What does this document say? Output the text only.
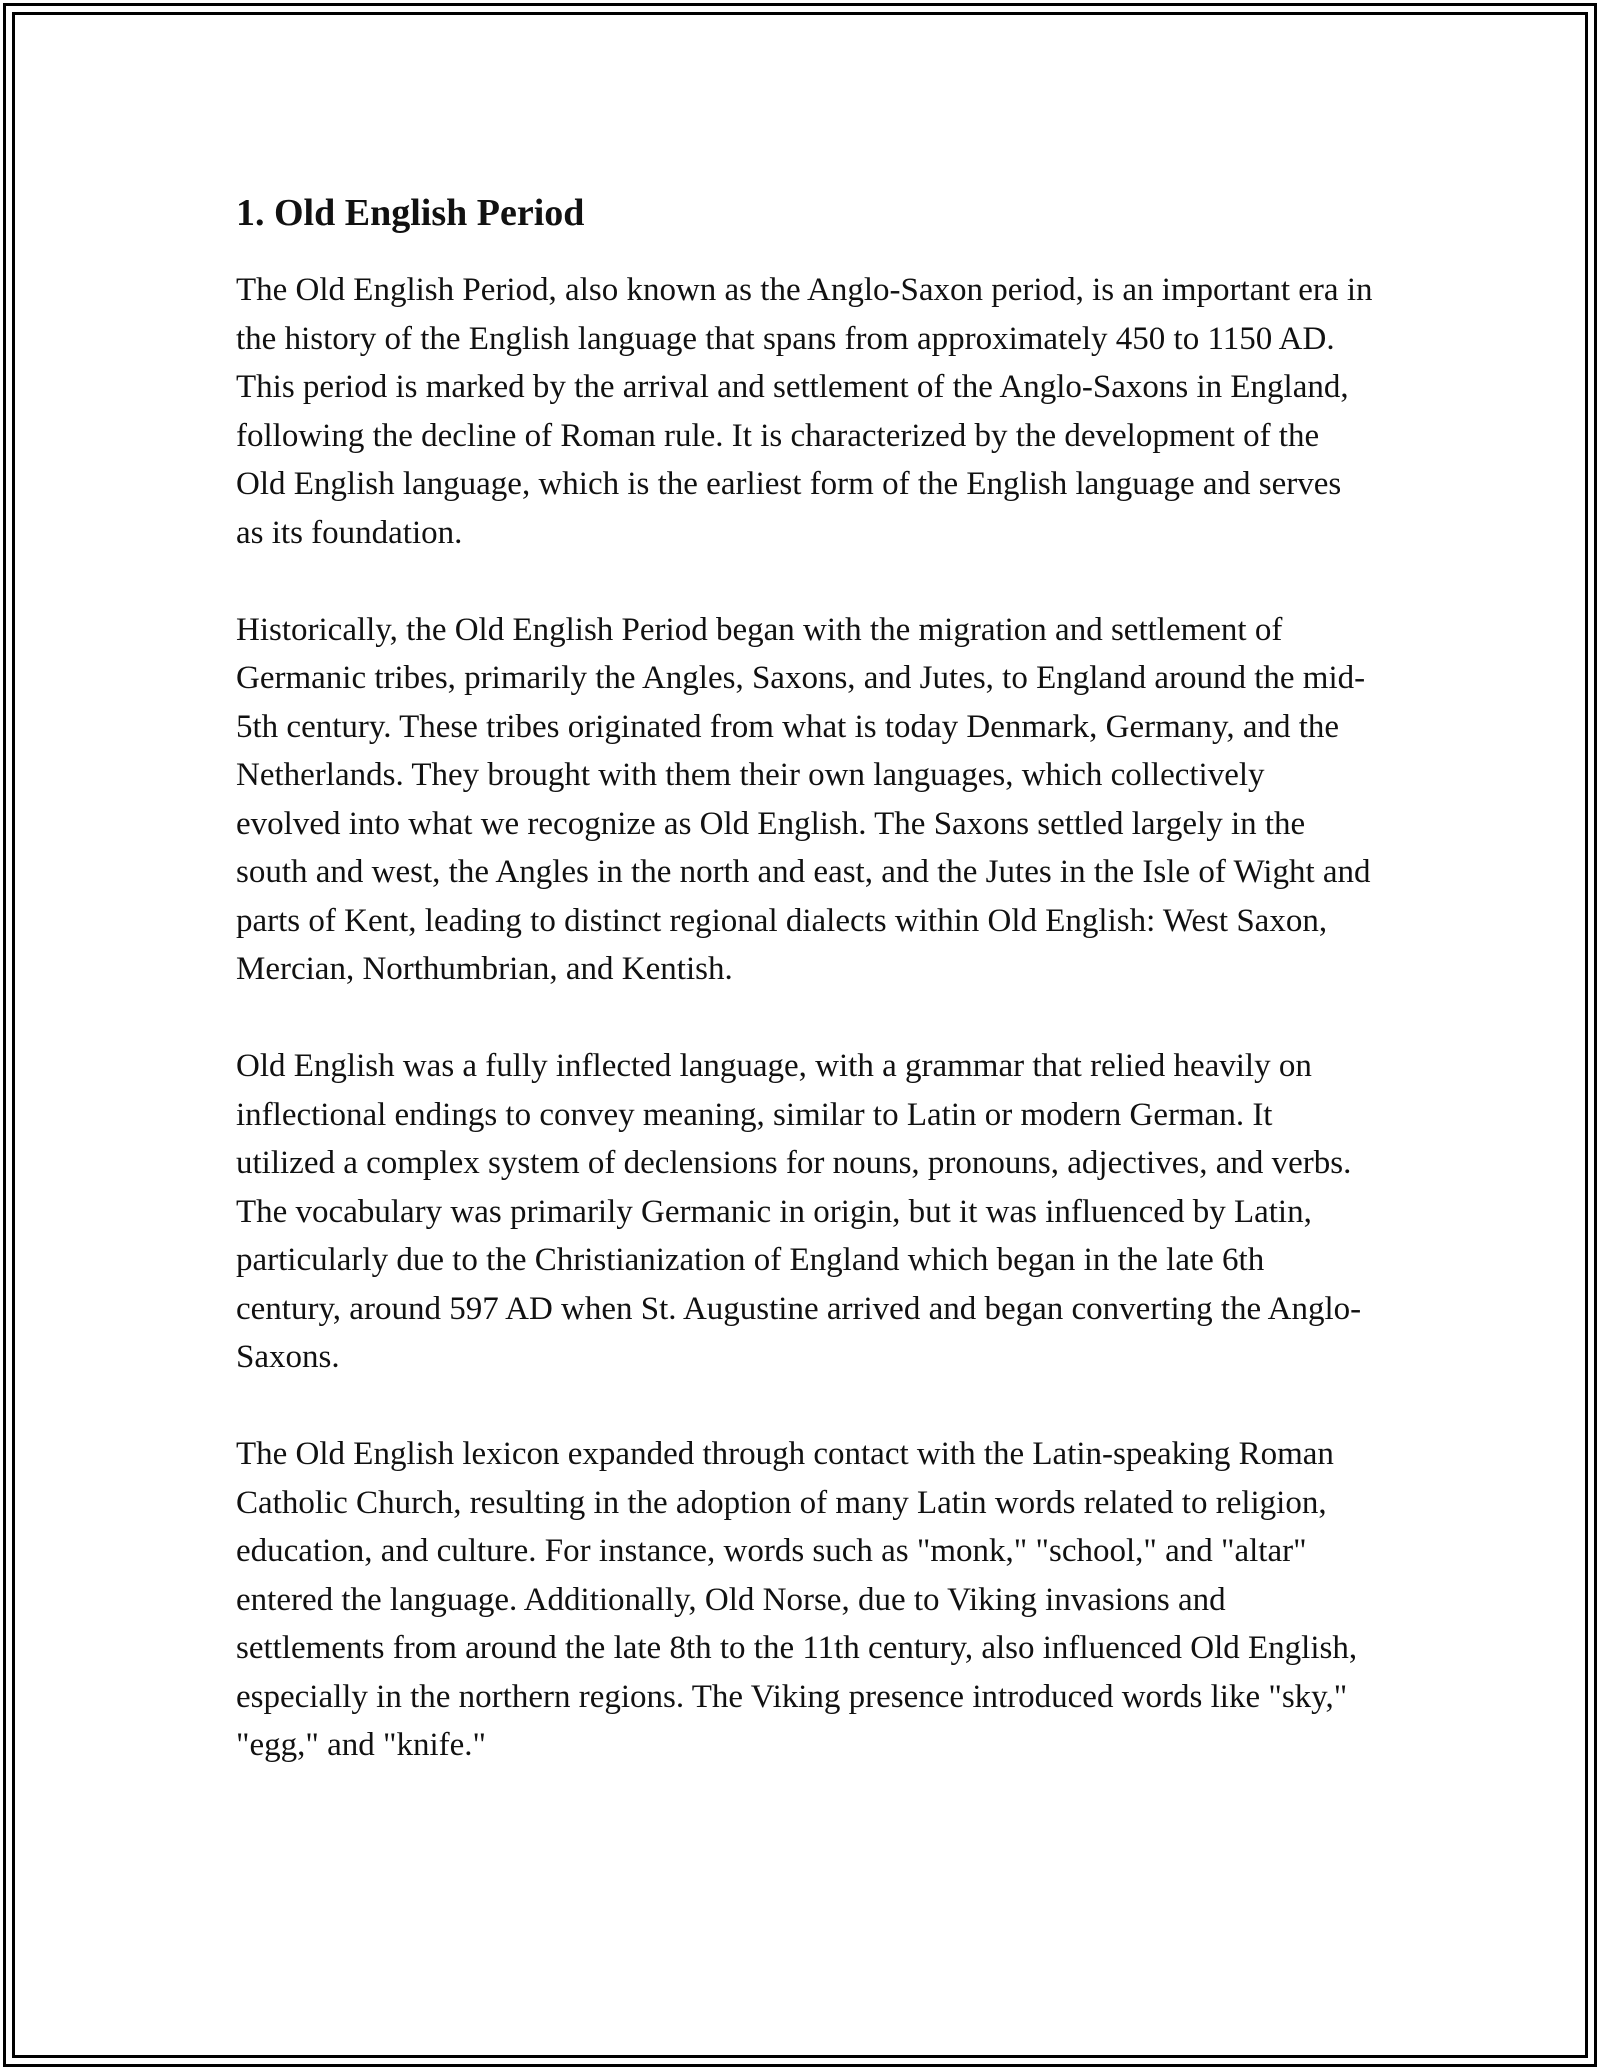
1. Old English Period

The Old English Period, also known as the Anglo-Saxon period, is an important era in the history of the English language that spans from approximately 450 to 1150 AD. This period is marked by the arrival and settlement of the Anglo-Saxons in England, following the decline of Roman rule. It is characterized by the development of the Old English language, which is the earliest form of the English language and serves as its foundation.

Historically, the Old English Period began with the migration and settlement of Germanic tribes, primarily the Angles, Saxons, and Jutes, to England around the mid-5th century. These tribes originated from what is today Denmark, Germany, and the Netherlands. They brought with them their own languages, which collectively evolved into what we recognize as Old English. The Saxons settled largely in the south and west, the Angles in the north and east, and the Jutes in the Isle of Wight and parts of Kent, leading to distinct regional dialects within Old English: West Saxon, Mercian, Northumbrian, and Kentish.

Old English was a fully inflected language, with a grammar that relied heavily on inflectional endings to convey meaning, similar to Latin or modern German. It utilized a complex system of declensions for nouns, pronouns, adjectives, and verbs. The vocabulary was primarily Germanic in origin, but it was influenced by Latin, particularly due to the Christianization of England which began in the late 6th century, around 597 AD when St. Augustine arrived and began converting the Anglo-Saxons.

The Old English lexicon expanded through contact with the Latin-speaking Roman Catholic Church, resulting in the adoption of many Latin words related to religion, education, and culture. For instance, words such as "monk," "school," and "altar" entered the language. Additionally, Old Norse, due to Viking invasions and settlements from around the late 8th to the 11th century, also influenced Old English, especially in the northern regions. The Viking presence introduced words like "sky," "egg," and "knife."
